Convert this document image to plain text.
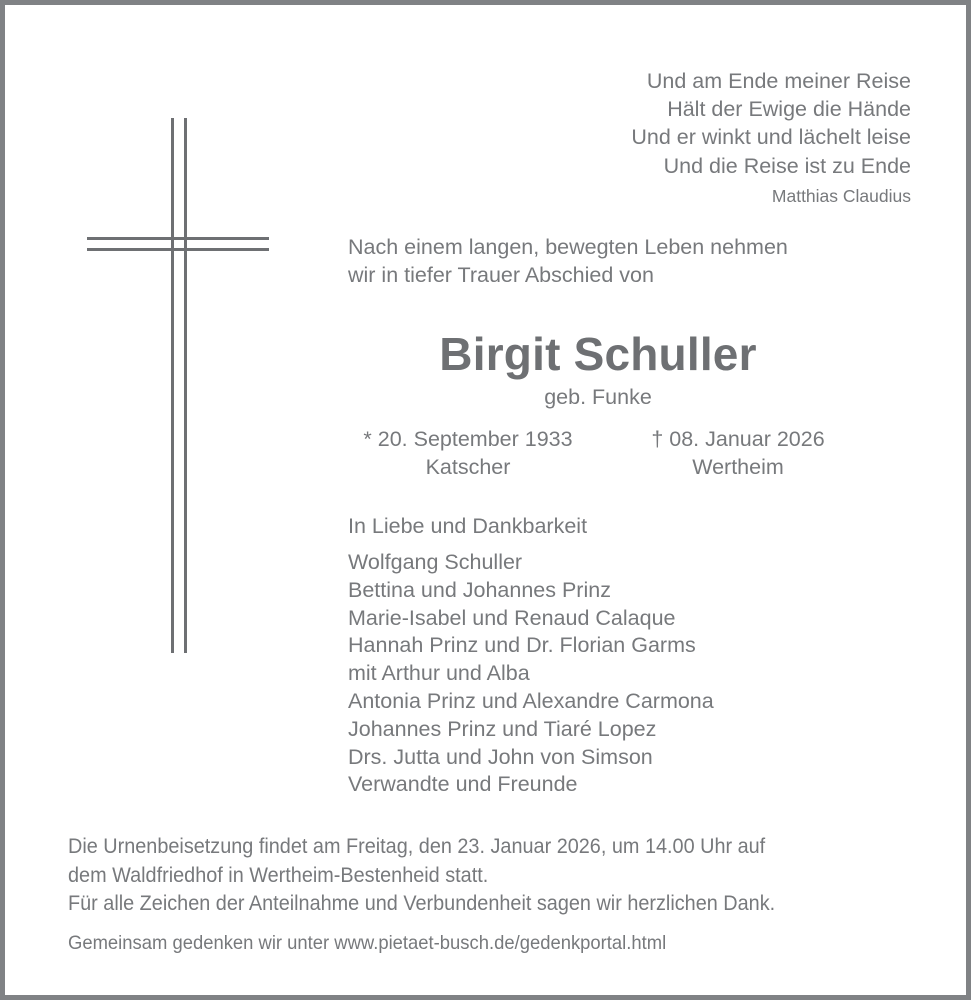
Und am Ende meiner Reise
Hält der Ewige die Hände
Und er winkt und lächelt leise
Und die Reise ist zu Ende
Matthias Claudius
Nach einem langen, bewegten Leben nehmen
wir in tiefer Trauer Abschied von
Birgit Schuller
geb. Funke
* 20. September 1933
Katscher
† 08. Januar 2026
Wertheim
In Liebe und Dankbarkeit
Wolfgang Schuller
Bettina und Johannes Prinz
Marie-Isabel und Renaud Calaque
Hannah Prinz und Dr. Florian Garms
mit Arthur und Alba
Antonia Prinz und Alexandre Carmona
Johannes Prinz und Tiaré Lopez
Drs. Jutta und John von Simson
Verwandte und Freunde
Die Urnenbeisetzung findet am Freitag, den 23. Januar 2026, um 14.00 Uhr auf
dem Waldfriedhof in Wertheim-Bestenheid statt.
Für alle Zeichen der Anteilnahme und Verbundenheit sagen wir herzlichen Dank.
Gemeinsam gedenken wir unter www.pietaet-busch.de/gedenkportal.html
